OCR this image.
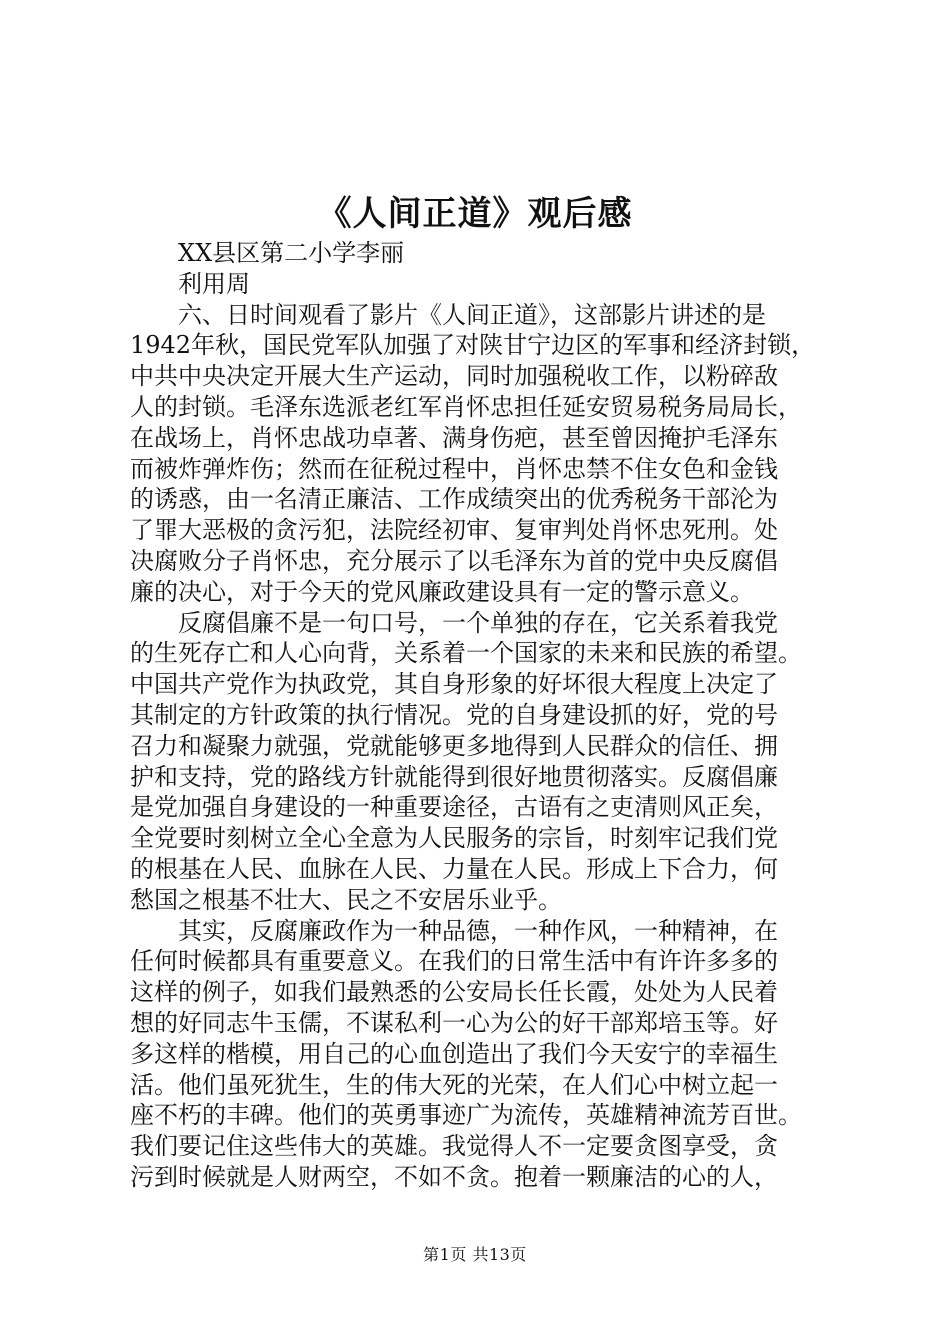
《人间正道》观后感

XX县区第二小学李丽

利用周

　　六、日时间观看了影片《人间正道》，这部影片讲述的是

1942年秋，国民党军队加强了对陕甘宁边区的军事和经济封锁，

中共中央决定开展大生产运动，同时加强税收工作，以粉碎敌

人的封锁。毛泽东选派老红军肖怀忠担任延安贸易税务局局长，

在战场上，肖怀忠战功卓著、满身伤疤，甚至曾因掩护毛泽东

而被炸弹炸伤；然而在征税过程中，肖怀忠禁不住女色和金钱

的诱惑，由一名清正廉洁、工作成绩突出的优秀税务干部沦为

了罪大恶极的贪污犯，法院经初审、复审判处肖怀忠死刑。处

决腐败分子肖怀忠，充分展示了以毛泽东为首的党中央反腐倡

廉的决心，对于今天的党风廉政建设具有一定的警示意义。

　　反腐倡廉不是一句口号，一个单独的存在，它关系着我党

的生死存亡和人心向背，关系着一个国家的未来和民族的希望。

中国共产党作为执政党，其自身形象的好坏很大程度上决定了

其制定的方针政策的执行情况。党的自身建设抓的好，党的号

召力和凝聚力就强，党就能够更多地得到人民群众的信任、拥

护和支持，党的路线方针就能得到很好地贯彻落实。反腐倡廉

是党加强自身建设的一种重要途径，古语有之吏清则风正矣，

全党要时刻树立全心全意为人民服务的宗旨，时刻牢记我们党

的根基在人民、血脉在人民、力量在人民。形成上下合力，何

愁国之根基不壮大、民之不安居乐业乎。

　　其实，反腐廉政作为一种品德，一种作风，一种精神，在

任何时候都具有重要意义。在我们的日常生活中有许许多多的

这样的例子，如我们最熟悉的公安局长任长霞，处处为人民着

想的好同志牛玉儒，不谋私利一心为公的好干部郑培玉等。好

多这样的楷模，用自己的心血创造出了我们今天安宁的幸福生

活。他们虽死犹生，生的伟大死的光荣，在人们心中树立起一

座不朽的丰碑。他们的英勇事迹广为流传，英雄精神流芳百世。

我们要记住这些伟大的英雄。我觉得人不一定要贪图享受，贪

污到时候就是人财两空，不如不贪。抱着一颗廉洁的心的人，

第1页 共13页
